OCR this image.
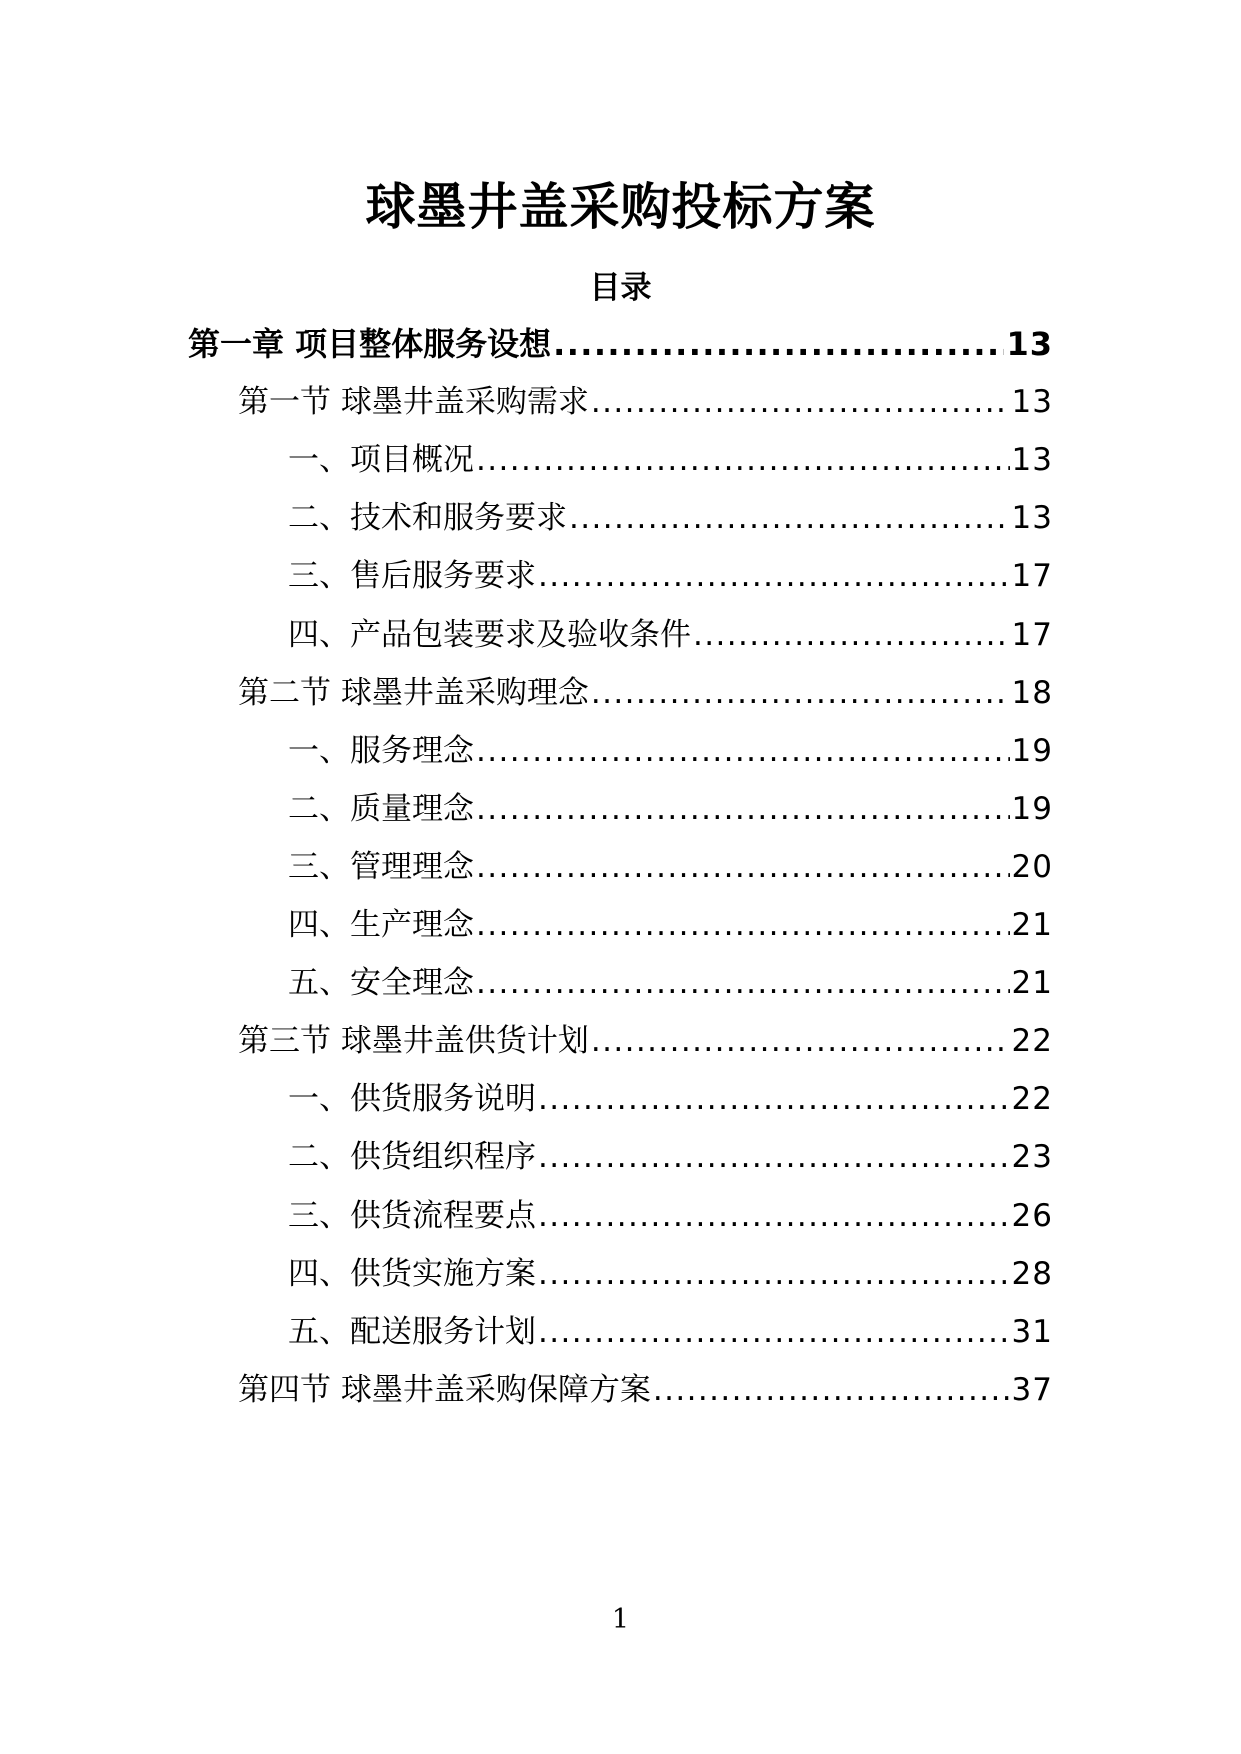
球墨井盖采购投标方案
目录
第一章 项目整体服务设想 .....	13
第一节 球墨井盖采购需求 .....	13
一、项目概况 .....	13
二、技术和服务要求 .....	13
三、售后服务要求 .....	17
四、产品包装要求及验收条件 .....	17
第二节 球墨井盖采购理念 .....	18
一、服务理念 .....	19
二、质量理念 .....	19
三、管理理念 .....	20
四、生产理念 .....	21
五、安全理念 .....	21
第三节 球墨井盖供货计划 .....	22
一、供货服务说明 .....	22
二、供货组织程序 .....	23
三、供货流程要点 .....	26
四、供货实施方案 .....	28
五、配送服务计划 .....	31
第四节 球墨井盖采购保障方案 .....	37
1
